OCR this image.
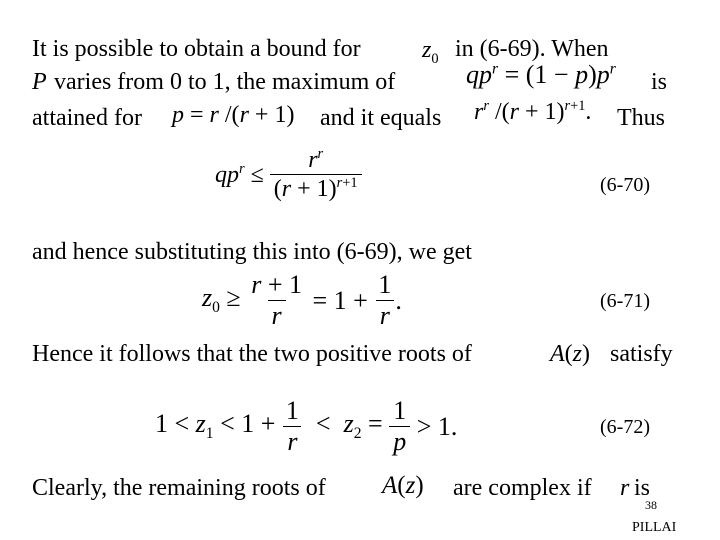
It is possible to obtain a bound for	$z_0$ in (6-69). When
P varies from 0 to 1, the maximum of	$qp^r = (1 - p)p^r$
is
attained for p = r /(r + 1) and it equals $r^r$ $/(r + 1)^{r+1}$. Thus
$qp^r \le \frac{r^r}{(r + 1)^{r+1}}$	(6-70)
and hence substituting this into (6-69), we get
$z_0 \ge \frac{r + 1}{r} = 1 + \frac{1}{r}$ .	(6-71)
Hence it follows that the two positive roots of	A(z) satisfy
$1 < z_1 < 1 + \frac{1}{r} < z_2 = \frac{1}{p} > 1$.	(6-72)
Clearly, the remaining roots of A(z) are complex if r is
38
PILLAI
